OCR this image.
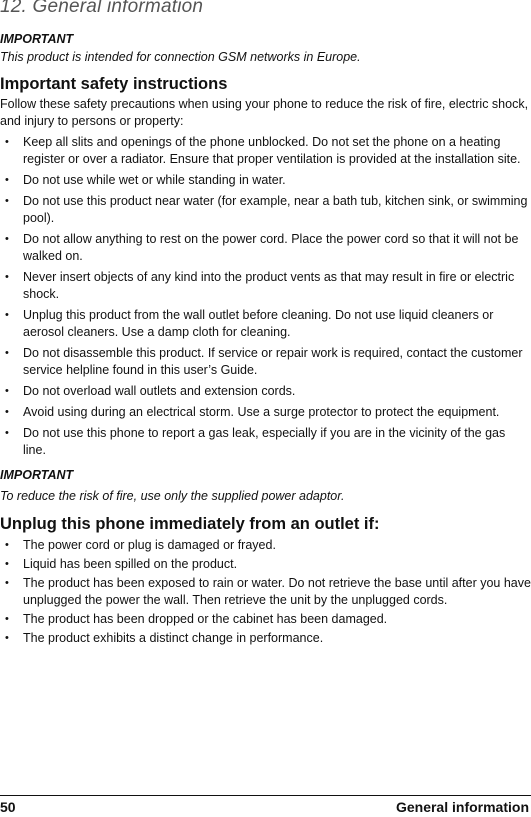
12. General information

IMPORTANT

This product is intended for connection GSM networks in Europe.

Important safety instructions

Follow these safety precautions when using your phone to reduce the risk of fire, electric shock, and injury to persons or property:

• Keep all slits and openings of the phone unblocked. Do not set the phone on a heating register or over a radiator. Ensure that proper ventilation is provided at the installation site.
• Do not use while wet or while standing in water.
• Do not use this product near water (for example, near a bath tub, kitchen sink, or swimming pool).
• Do not allow anything to rest on the power cord. Place the power cord so that it will not be walked on.
• Never insert objects of any kind into the product vents as that may result in fire or electric shock.
• Unplug this product from the wall outlet before cleaning. Do not use liquid cleaners or aerosol cleaners. Use a damp cloth for cleaning.
• Do not disassemble this product. If service or repair work is required, contact the customer service helpline found in this user’s Guide.
• Do not overload wall outlets and extension cords.
• Avoid using during an electrical storm. Use a surge protector to protect the equipment.
• Do not use this phone to report a gas leak, especially if you are in the vicinity of the gas line.

IMPORTANT

To reduce the risk of fire, use only the supplied power adaptor.

Unplug this phone immediately from an outlet if:
• The power cord or plug is damaged or frayed.
• Liquid has been spilled on the product.
• The product has been exposed to rain or water. Do not retrieve the base until after you have unplugged the power the wall. Then retrieve the unit by the unplugged cords.
• The product has been dropped or the cabinet has been damaged.
• The product exhibits a distinct change in performance.
50	General information
